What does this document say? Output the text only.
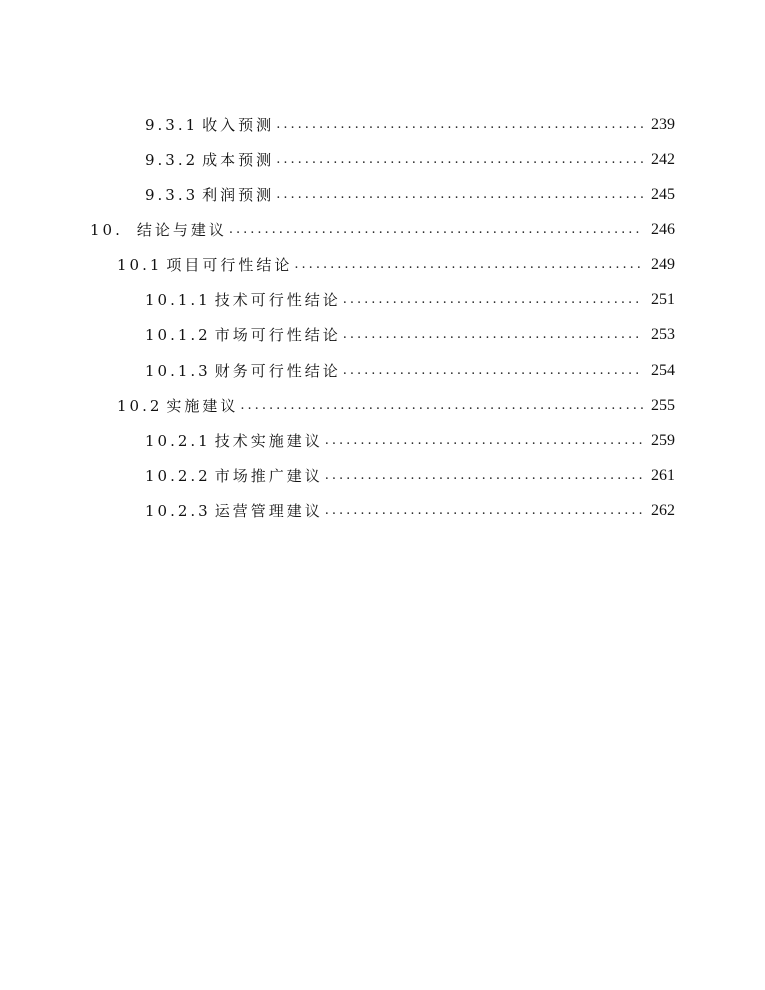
9.3.1 收入预测 .....	239
9.3.2 成本预测 .....	242
9.3.3 利润预测 .....	245
10. 结论与建议 .....	246
10.1 项目可行性结论 .....	249
10.1.1 技术可行性结论 .....	251
10.1.2 市场可行性结论 .....	253
10.1.3 财务可行性结论 .....	254
10.2 实施建议 .....	255
10.2.1 技术实施建议 .....	259
10.2.2 市场推广建议 .....	261
10.2.3 运营管理建议 .....	262
